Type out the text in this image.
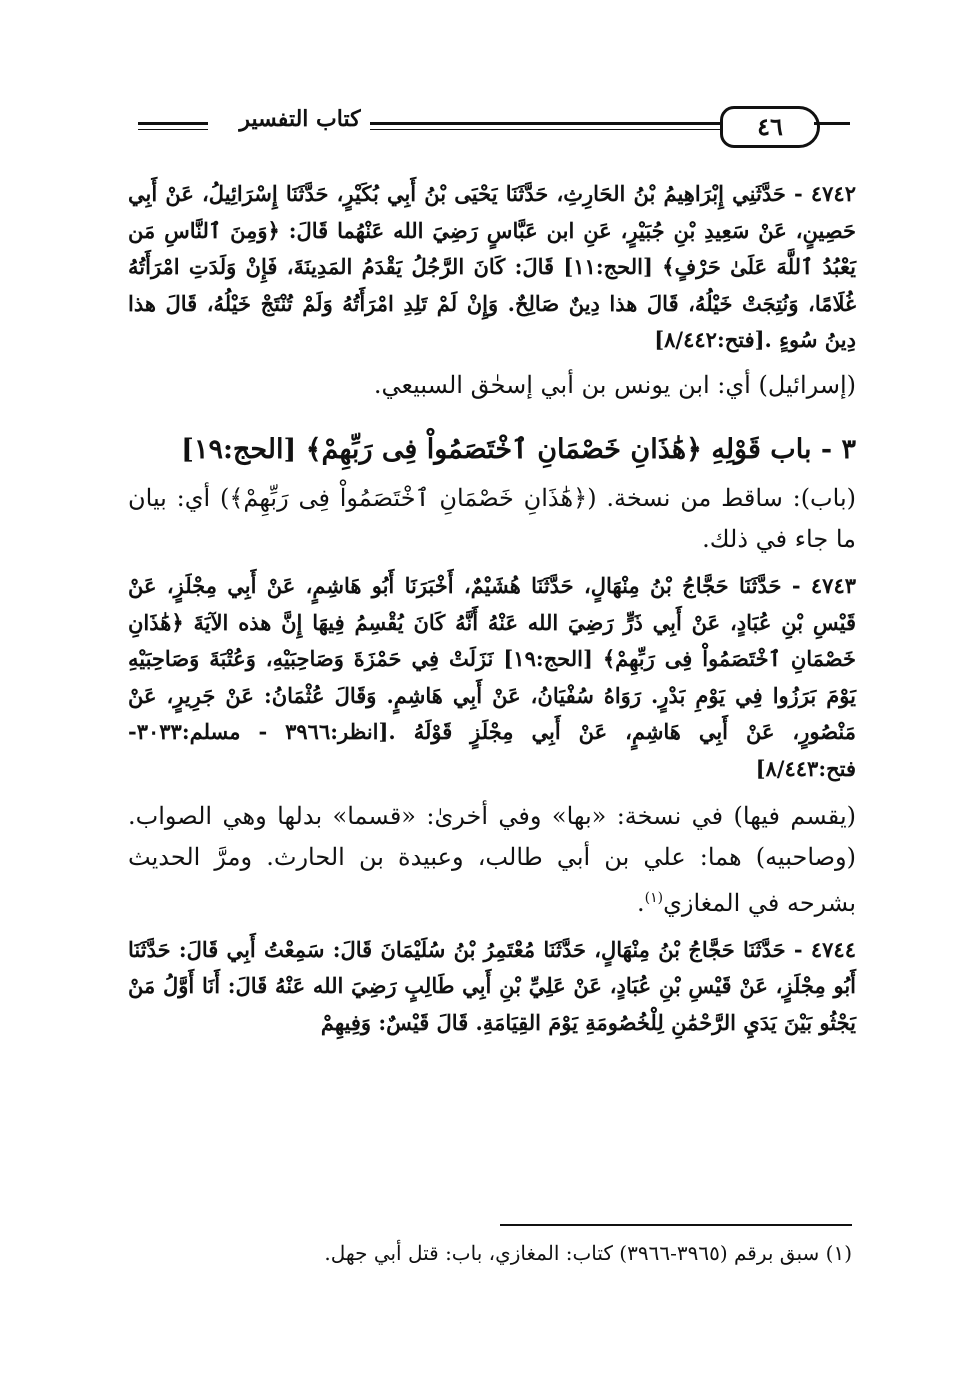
كتاب التفسير	٤٦

٤٧٤٢ - حَدَّثَنِي إِبْرَاهِيمُ بْنُ الحَارِثِ، حَدَّثَنَا يَحْيَى بْنُ أَبِي بُكَيْرٍ، حَدَّثَنَا إِسْرَائِيلُ، عَنْ أَبِي حَصِينٍ، عَنْ سَعِيدِ بْنِ جُبَيْرٍ، عَنِ ابن عَبَّاسٍ رَضِيَ الله عَنْهُما قَالَ: ﴿وَمِنَ ٱلنَّاسِ مَن يَعْبُدُ ٱللَّهَ عَلَىٰ حَرْفٍ﴾ [الحج:١١] قَالَ: كَانَ الرَّجُلُ يَقْدَمُ المَدِينَةَ، فَإِنْ وَلَدَتِ امْرَأَتُهُ غُلَامًا، وَنُتِجَتْ خَيْلُهُ، قَالَ هذا دِينٌ صَالِحٌ. وَإِنْ لَمْ تَلِدِ امْرَأَتُهُ وَلَمْ تُنْتَجْ خَيْلُهُ، قَالَ هذا دِينُ سُوءٍ .[فتح:٨/٤٤٢]

(إسرائيل) أي: ابن يونس بن أبي إسحٰق السبيعي.

٣ - باب قَوْلِهِ ﴿هَٰذَانِ خَصْمَانِ ٱخْتَصَمُواْ فِى رَبِّهِمْ﴾ [الحج:١٩]

(باب): ساقط من نسخة. (﴿هَٰذَانِ خَصْمَانِ ٱخْتَصَمُواْ فِى رَبِّهِمْ﴾) أي: بيان ما جاء في ذلك.

٤٧٤٣ - حَدَّثَنَا حَجَّاجُ بْنُ مِنْهَالٍ، حَدَّثَنَا هُشَيْمٌ، أَخْبَرَنَا أَبُو هَاشِمٍ، عَنْ أَبِي مِجْلَزٍ، عَنْ قَيْسِ بْنِ عُبَادٍ، عَنْ أَبِي ذَرٍّ رَضِيَ الله عَنْهُ أَنَّهُ كَانَ يُقْسِمُ فِيهَا إِنَّ هذه الآيَةَ ﴿هَٰذَانِ خَصْمَانِ ٱخْتَصَمُواْ فِى رَبِّهِمْ﴾ [الحج:١٩] نَزَلَتْ فِي حَمْزَةَ وَصَاحِبَيْهِ، وَعُتْبَةَ وَصَاحِبَيْهِ يَوْمَ بَرَزُوا فِي يَوْمِ بَدْرٍ. رَوَاهُ سُفْيَانُ، عَنْ أَبِي هَاشِمٍ. وَقَالَ عُثْمَانُ: عَنْ جَرِيرٍ، عَنْ مَنْصُورٍ، عَنْ أَبِي هَاشِمٍ، عَنْ أَبِي مِجْلَزٍ قَوْلَهُ .[انظر:٣٩٦٦ - مسلم:٣٠٣٣- فتح:٨/٤٤٣]

(يقسم فيها) في نسخة: «بها» وفي أخرىٰ: «قسما» بدلها وهي الصواب. (وصاحبيه) هما: علي بن أبي طالب، وعبيدة بن الحارث. ومرَّ الحديث بشرحه في المغازي$^{(١)}$.

٤٧٤٤ - حَدَّثَنَا حَجَّاجُ بْنُ مِنْهَالٍ، حَدَّثَنَا مُعْتَمِرُ بْنُ سُلَيْمَانَ قَالَ: سَمِعْتُ أَبِي قَالَ: حَدَّثَنَا أَبُو مِجْلَزٍ، عَنْ قَيْسِ بْنِ عُبَادٍ، عَنْ عَلِيِّ بْنِ أَبِي طَالِبٍ رَضِيَ الله عَنْهُ قَالَ: أَنَا أَوَّلُ مَنْ يَجْثُو بَيْنَ يَدَيِ الرَّحْمَٰنِ لِلْخُصُومَةِ يَوْمَ القِيَامَةِ. قَالَ قَيْسٌ: وَفِيهِمْ

(١) سبق برقم (٣٩٦٥-٣٩٦٦) كتاب: المغازي، باب: قتل أبي جهل.
